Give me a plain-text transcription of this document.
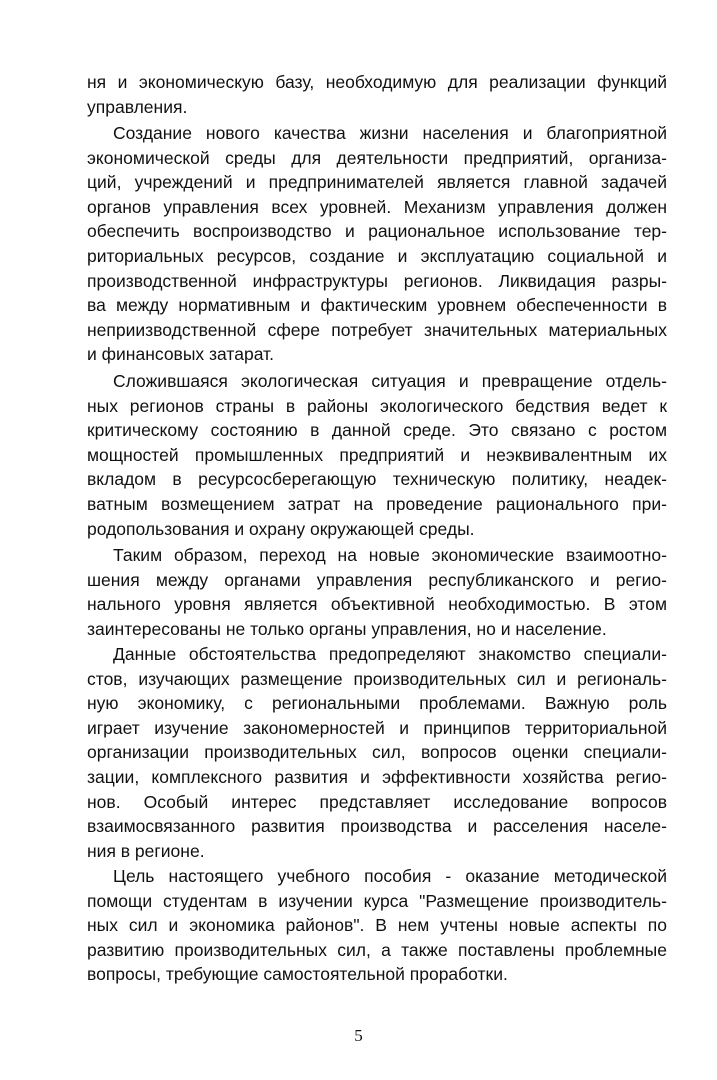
ня и экономическую базу, необходимую для реализации функций
управления.
Создание нового качества жизни населения и благоприятной
экономической среды для деятельности предприятий, организа-
ций, учреждений и предпринимателей является главной задачей
органов управления всех уровней. Механизм управления должен
обеспечить воспроизводство и рациональное использование тер-
риториальных ресурсов, создание и эксплуатацию социальной и
производственной инфраструктуры регионов. Ликвидация разры-
ва между нормативным и фактическим уровнем обеспеченности в
неприизводственной сфере потребует значительных материальных
и финансовых затарат.
Сложившаяся экологическая ситуация и превращение отдель-
ных регионов страны в районы экологического бедствия ведет к
критическому состоянию в данной среде. Это связано с ростом
мощностей промышленных предприятий и неэквивалентным их
вкладом в ресурсосберегающую техническую политику, неадек-
ватным возмещением затрат на проведение рационального при-
родопользования и охрану окружающей среды.
Таким образом, переход на новые экономические взаимоотно-
шения между органами управления республиканского и регио-
нального уровня является объективной необходимостью. В этом
заинтересованы не только органы управления, но и население.
Данные обстоятельства предопределяют знакомство специали-
стов, изучающих размещение производительных сил и региональ-
ную экономику, с региональными проблемами. Важную роль
играет изучение закономерностей и принципов территориальной
организации производительных сил, вопросов оценки специали-
зации, комплексного развития и эффективности хозяйства регио-
нов. Особый интерес представляет исследование вопросов
взаимосвязанного развития производства и расселения населе-
ния в регионе.
Цель настоящего учебного пособия - оказание методической
помощи студентам в изучении курса "Размещение производитель-
ных сил и экономика районов". В нем учтены новые аспекты по
развитию производительных сил, а также поставлены проблемные
вопросы, требующие самостоятельной проработки.
5
